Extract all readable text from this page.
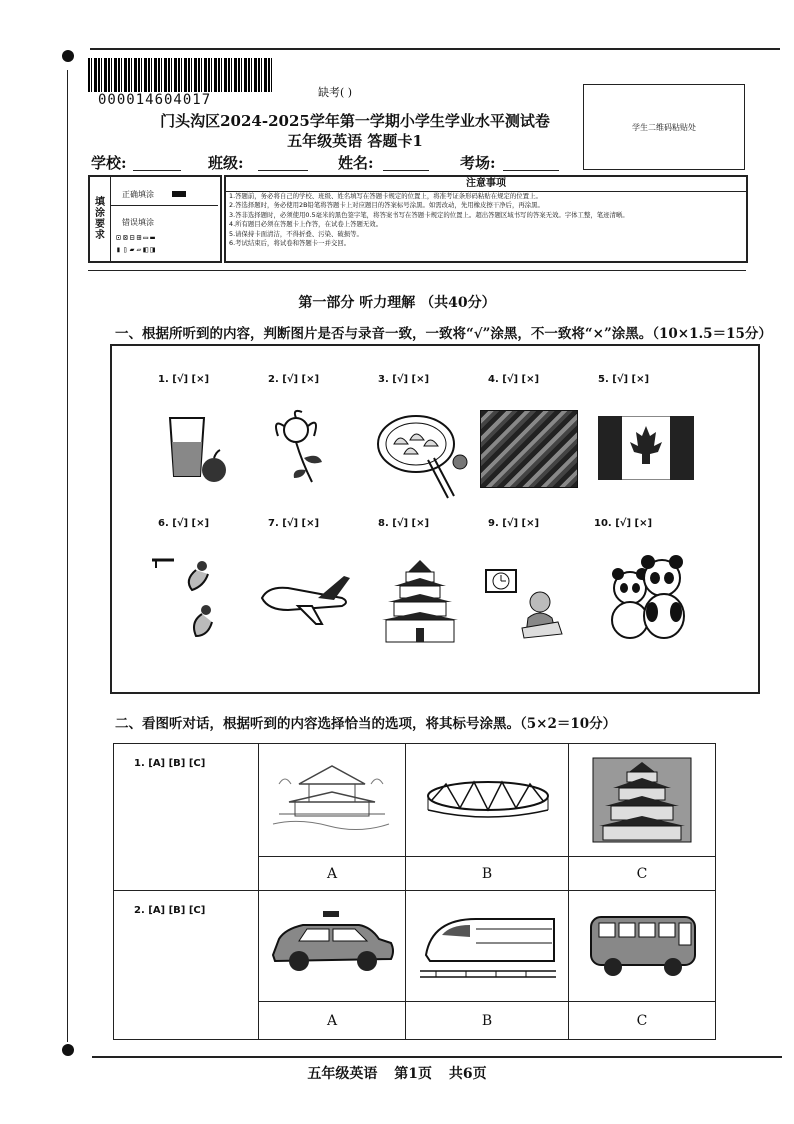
000014604017	缺考( )
学生二维码粘贴处
门头沟区2024-2025学年第一学期小学生学业水平测试卷
五年级英语 答题卡1
学校:	班级:	姓名:	考场:
填
涂
要
求
正确填涂
错误填涂
⊡⊠⊟⊞▭▬
▮▯▰▱◧◨
注意事项
1.答题前，务必将自己的学校、班级、姓名填写在答题卡规定的位置上，将准考证条形码粘贴在规定的位置上。
2.答选择题时，务必使用2B铅笔将答题卡上对应题目的答案标号涂黑。如需改动，先用橡皮擦干净后，再涂黑。
3.答非选择题时，必须使用0.5毫米的黑色签字笔，将答案书写在答题卡规定的位置上。超出答题区域书写的答案无效。字体工整，笔迹清晰。
4.所有题目必须在答题卡上作答，在试卷上答题无效。
5.请保持卡面清洁，不得折叠、污染、破损等。
6.考试结束后，将试卷和答题卡一并交回。
第一部分 听力理解 （共40分）
一、根据所听到的内容，判断图片是否与录音一致，一致将“√”涂黑，不一致将“×”涂黑。（10×1.5＝15分）
1. [√] [×]	2. [√] [×]	3. [√] [×]	4. [√] [×]	5. [√] [×]
6. [√] [×]	7. [√] [×]	8. [√] [×]	9. [√] [×]	10. [√] [×]
二、看图听对话，根据听到的内容选择恰当的选项，将其标号涂黑。（5×2＝10分）
1. [A] [B] [C]

	A	B	C

2. [A] [B] [C]

	A	B	C
五年级英语 第1页 共6页
